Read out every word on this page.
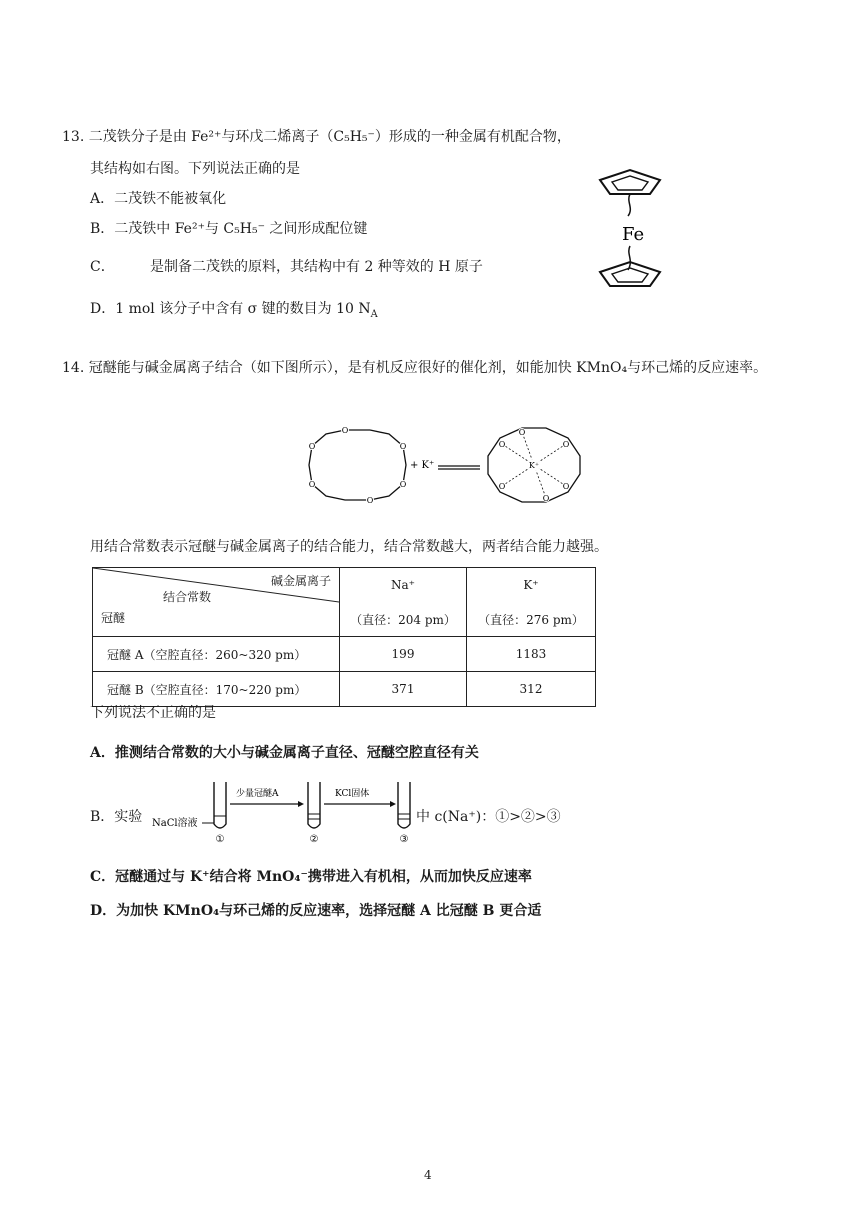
13. 二茂铁分子是由 Fe²⁺与环戊二烯离子（C₅H₅⁻）形成的一种金属有机配合物，
其结构如右图。下列说法正确的是
A．二茂铁不能被氧化
B．二茂铁中 Fe²⁺与 C₅H₅⁻ 之间形成配位键
C．	是制备二茂铁的原料，其结构中有 2 种等效的 H 原子
D．1 mol 该分子中含有 σ 键的数目为 10 $N_A$
Fe
14. 冠醚能与碱金属离子结合（如下图所示），是有机反应很好的催化剂，如能加快 KMnO₄与环己烯的反应速率。
O
O
O	O
O	O
+ K⁺
O
O
O	O
O	O
K⁺
用结合常数表示冠醚与碱金属离子的结合能力，结合常数越大，两者结合能力越强。
结合常数
碱金属离子
冠醚	Na⁺	K⁺
	（直径：204 pm）	（直径：276 pm）
冠醚 A（空腔直径：260~320 pm）	199	1183
冠醚 B（空腔直径：170~220 pm）	371	312
下列说法不正确的是
A．推测结合常数的大小与碱金属离子直径、冠醚空腔直径有关
B．实验 NaCl溶液
①
少量冠醚A
②
KCl固体
③
中 c(Na⁺)：①>②>③
C．冠醚通过与 K⁺结合将 MnO₄⁻携带进入有机相，从而加快反应速率
D．为加快 KMnO₄与环己烯的反应速率，选择冠醚 A 比冠醚 B 更合适
4
